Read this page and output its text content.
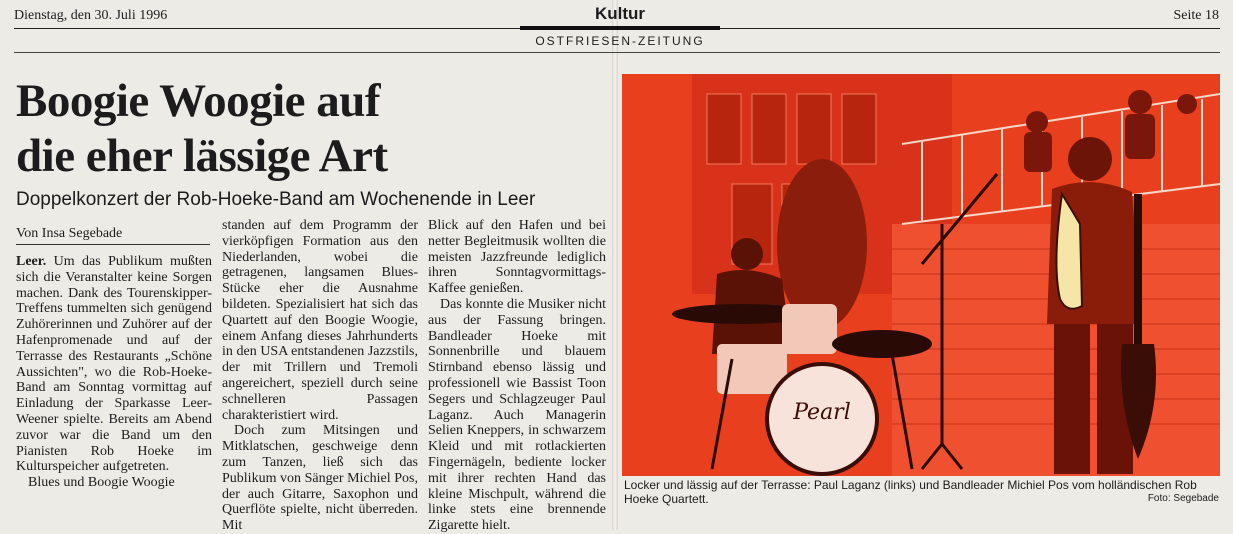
Dienstag, den 30. Juli 1996	Kultur	Seite 18
OSTFRIESEN-ZEITUNG
Boogie Woogie auf
die eher lässige Art
Doppelkonzert der Rob-Hoeke-Band am Wochenende in Leer
Von Insa Segebade

Leer. Um das Publikum mußten sich die Veranstalter keine Sorgen machen. Dank des Tourenskipper-Treffens tummelten sich genügend Zuhörerinnen und Zuhörer auf der Hafenpromenade und auf der Terrasse des Restaurants „Schöne Aussichten", wo die Rob-Hoeke-Band am Sonntag vormittag auf Einladung der Sparkasse Leer-Weener spielte. Bereits am Abend zuvor war die Band um den Pianisten Rob Hoeke im Kulturspeicher aufgetreten.

Blues und Boogie Woogie

standen auf dem Programm der vierköpfigen Formation aus den Niederlanden, wobei die getragenen, langsamen Blues-Stücke eher die Ausnahme bildeten. Spezialisiert hat sich das Quartett auf den Boogie Woogie, einem Anfang dieses Jahrhunderts in den USA entstandenen Jazzstils, der mit Trillern und Tremoli angereichert, speziell durch seine schnelleren Passagen charakteristiert wird.

Doch zum Mitsingen und Mitklatschen, geschweige denn zum Tanzen, ließ sich das Publikum von Sänger Michiel Pos, der auch Gitarre, Saxophon und Querflöte spielte, nicht überreden. Mit

Blick auf den Hafen und bei netter Begleitmusik wollten die meisten Jazzfreunde lediglich ihren Sonntagvormittags-Kaffee genießen.

Das konnte die Musiker nicht aus der Fassung bringen. Bandleader Hoeke mit Sonnenbrille und blauem Stirnband ebenso lässig und professionell wie Bassist Toon Segers und Schlagzeuger Paul Laganz. Auch Managerin Selien Kneppers, in schwarzem Kleid und mit rotlackierten Fingernägeln, bediente locker mit ihrer rechten Hand das kleine Mischpult, während die linke stets eine brennende Zigarette hielt.

Pearl
Locker und lässig auf der Terrasse: Paul Laganz (links) und Bandleader Michiel Pos vom holländischen Rob Hoeke Quartett.	Foto: Segebade
